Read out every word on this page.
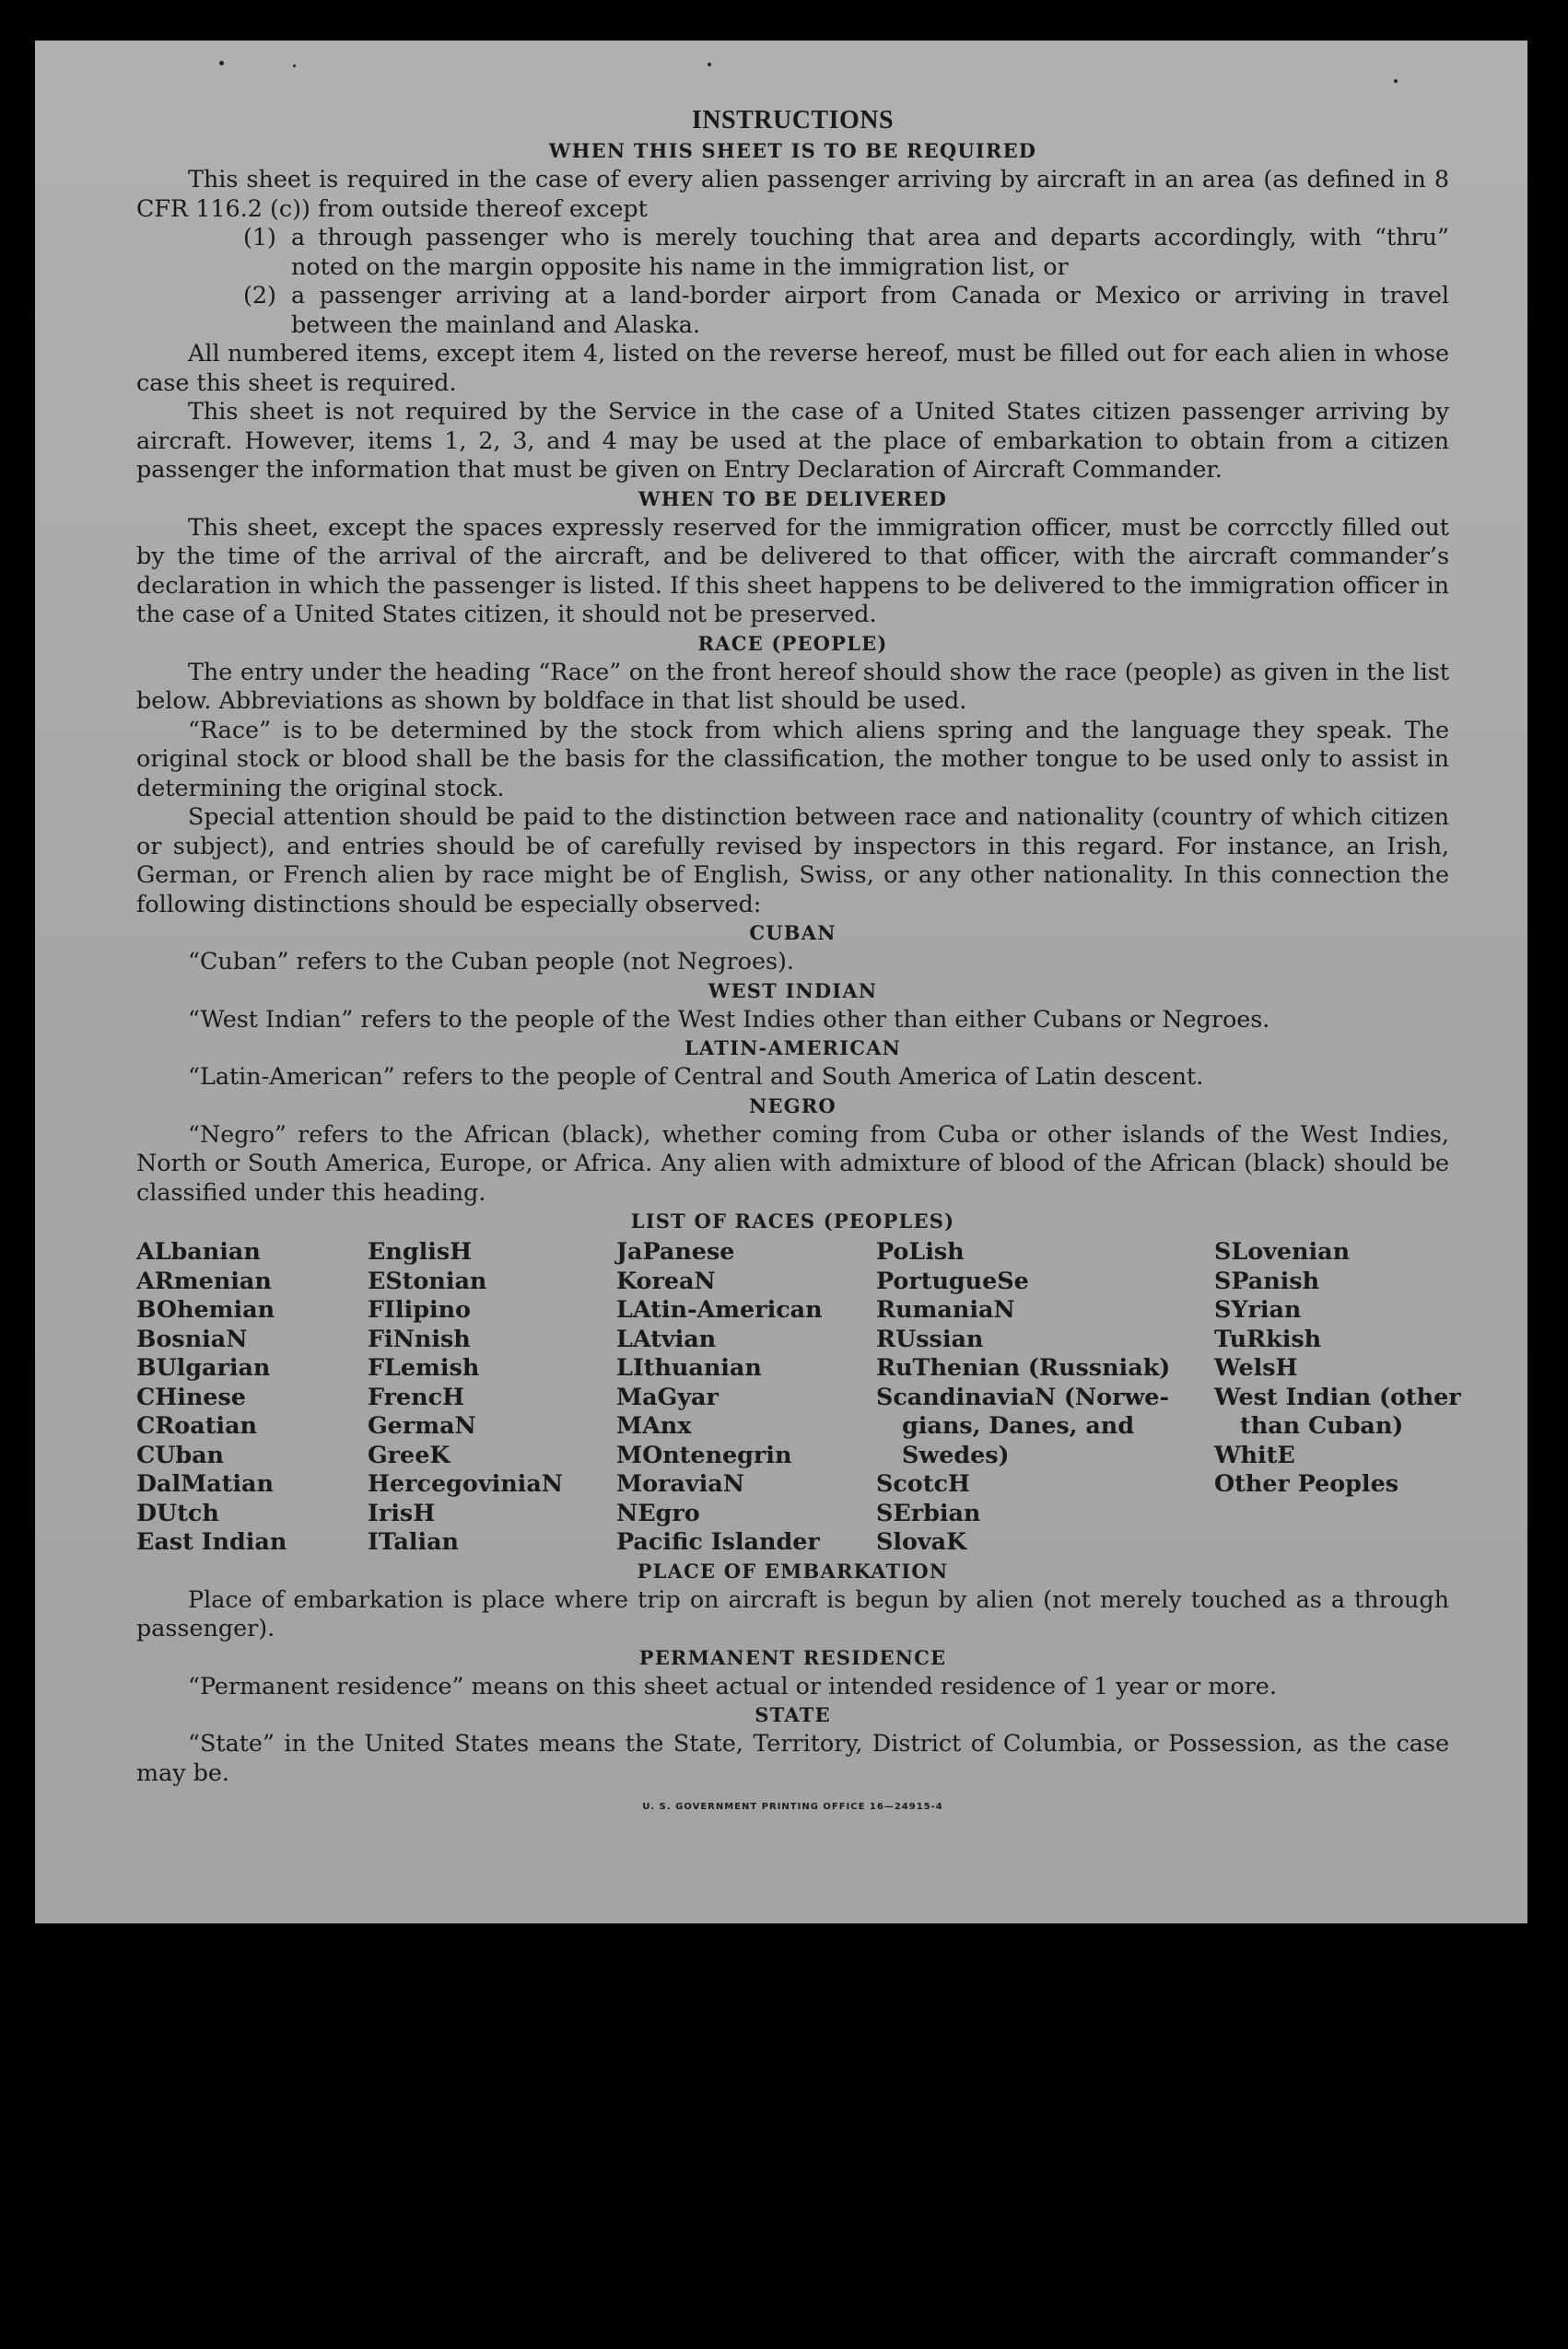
INSTRUCTIONS
WHEN THIS SHEET IS TO BE REQUIRED

This sheet is required in the case of every alien passenger arriving by aircraft in an area (as defined in 8 CFR 116.2 (c)) from outside thereof except

(1) a through passenger who is merely touching that area and departs accordingly, with “thru” noted on the margin opposite his name in the immigration list, or
(2) a passenger arriving at a land-border airport from Canada or Mexico or arriving in travel between the mainland and Alaska.

All numbered items, except item 4, listed on the reverse hereof, must be filled out for each alien in whose case this sheet is required.

This sheet is not required by the Service in the case of a United States citizen passenger arriving by aircraft. However, items 1, 2, 3, and 4 may be used at the place of embarkation to obtain from a citizen passenger the information that must be given on Entry Declaration of Aircraft Commander.

WHEN TO BE DELIVERED

This sheet, except the spaces expressly reserved for the immigration officer, must be corrcctly filled out by the time of the arrival of the aircraft, and be delivered to that officer, with the aircraft commander’s declaration in which the passenger is listed. If this sheet happens to be delivered to the immigration officer in the case of a United States citizen, it should not be preserved.

RACE (PEOPLE)

The entry under the heading “Race” on the front hereof should show the race (people) as given in the list below. Abbreviations as shown by boldface in that list should be used.

“Race” is to be determined by the stock from which aliens spring and the language they speak. The original stock or blood shall be the basis for the classification, the mother tongue to be used only to assist in determining the original stock.

Special attention should be paid to the distinction between race and nationality (country of which citizen or subject), and entries should be of carefully revised by inspectors in this regard. For instance, an Irish, German, or French alien by race might be of English, Swiss, or any other nationality. In this connection the following distinctions should be especially observed:

CUBAN

“Cuban” refers to the Cuban people (not Negroes).

WEST INDIAN

“West Indian” refers to the people of the West Indies other than either Cubans or Negroes.

LATIN-AMERICAN

“Latin-American” refers to the people of Central and South America of Latin descent.

NEGRO

“Negro” refers to the African (black), whether coming from Cuba or other islands of the West Indies, North or South America, Europe, or Africa. Any alien with admixture of blood of the African (black) should be classified under this heading.

LIST OF RACES (PEOPLES)
ALbanian
ARmenian
BOhemian
BosniaN
BUlgarian
CHinese
CRoatian
CUban
DalMatian
DUtch
East Indian
EnglisH
EStonian
FIlipino
FiNnish
FLemish
FrencH
GermaN
GreeK
HercegoviniaN
IrisH
ITalian
JaPanese
KoreaN
LAtin-American
LAtvian
LIthuanian
MaGyar
MAnx
MOntenegrin
MoraviaN
NEgro
Pacific Islander
PoLish
PortugueSe
RumaniaN
RUssian
RuThenian (Russniak)
ScandinaviaN (Norwe-
gians, Danes, and
Swedes)
ScotcH
SErbian
SlovaK
SLovenian
SPanish
SYrian
TuRkish
WelsH
West Indian (other
than Cuban)
WhitE
Other Peoples
PLACE OF EMBARKATION

Place of embarkation is place where trip on aircraft is begun by alien (not merely touched as a through passenger).

PERMANENT RESIDENCE

“Permanent residence” means on this sheet actual or intended residence of 1 year or more.

STATE

“State” in the United States means the State, Territory, District of Columbia, or Possession, as the case may be.

U. S. GOVERNMENT PRINTING OFFICE 16—24915-4
